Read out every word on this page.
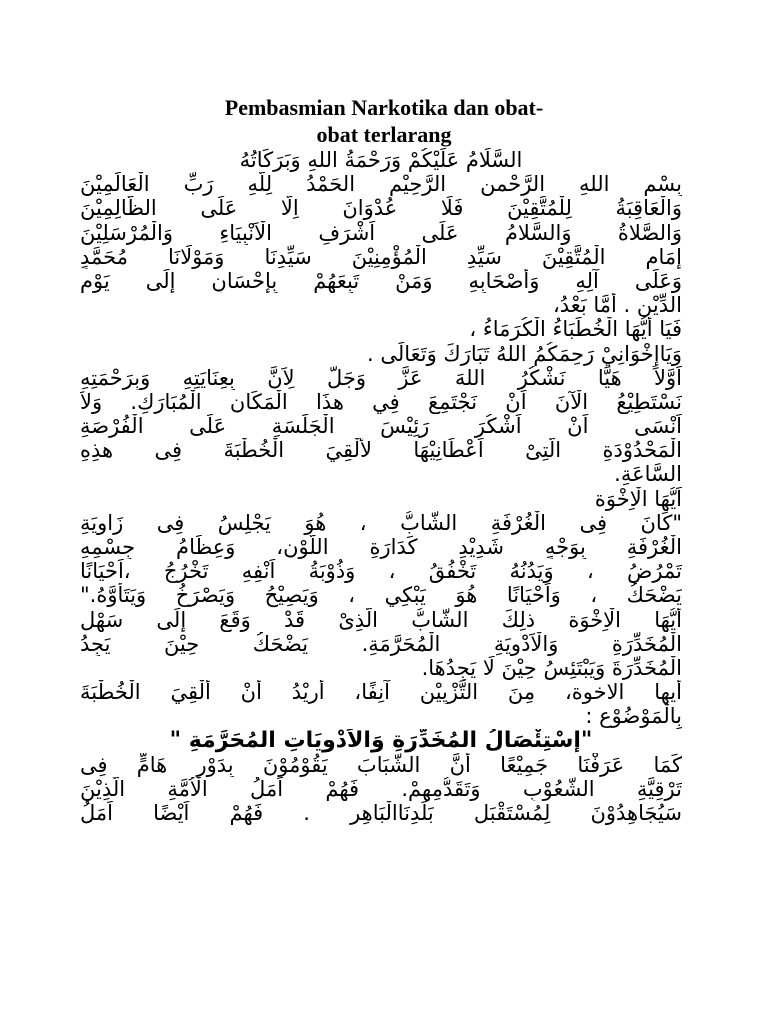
Pembasmian Narkotika dan obat-
obat terlarang
السَّلَامُ عَلَيْكُمْ وَرَحْمَةُ اللهِ وَبَرَكَاتُهُ
بِسْمِ اللهِ الرَّحْمنِ الرَّحِيْمِ الحَمْدُ لِلّهِ رَبِّ الْعَالَمِيْنَ
وَالْعَاقِبَةُ لِلْمُتَّقِيْنَ فَلَا عُدْوَانَ اِلَّا عَلَى الظَّالِمِيْنَ
وَالصَّلاةُ وَالسَّلامُ عَلَى اَشْرَفِ الْاَنْبِيَاءِ وَالْمُرْسَلِيْنَ
إِمَامِ الْمُتَّقِيْنَ سَيِّدِ الْمُؤْمِنِيْنَ سَيِّدِنَا وَمَوْلَانَا مُحَمَّدٍ
وَعَلَى آلِهِ وَأَصْحَابِهِ وَمَنْ تَبِعَهُمْ بِإِحْسَانٍ إِلَى يَوْمِ
الدِّيْنِ . أَمَّا بَعْدُ،
فَيَا أَيُّهَا الْخُطَبَاءُ الْكُرَمَاءُ ،
وَيَاإِخْوَانِيْ رَحِمَكُمُ اللهُ تَبَارَكَ وَتَعَالَى .
اَوَّلاً هَيَّا نَشْكُرُ اللهَ عَزَّ وَجَلَّ لِاَنَّ بِعِنَايَتِهِ وَبِرَحْمَتِهِ
نَسْتَطِيْعُ الْآنَ اَنْ نَجْتَمِعَ فِي هذَا الْمَكَانِ الْمُبَارَكِ. وَلاَ
اَنْسَى اَنْ اَشْكُرَ رَئِيْسَ الْجَلَسَةِ عَلَى الْفُرْصَةِ
الْمَحْدُوْدَةِ الَّتِىْ اَعْطَانِيْهَا لأَلْقِيَ الْخُطْبَةَ فِى هذِهِ
السَّاعَةِ.
اَيُّهَا الْاِخْوَة
"كَانَ فِى الْغُرْفَةِ الشَّابُّ ، هُوَ يَجْلِسُ فِى زَاوِيَةِ
الْغُرْفَةِ بِوَجْهٍ شَدِيْدِ كَدَارَةِ اللَّوْنِ، وَعِظَامُ جِسْمِهِ
تَمْرُضُ ، وَيَدُنُهُ تَخْفُقُ ، وَذُوْبَةُ اَنْفِهِ تَخْرُجُ ،اَحْيَانًا
يَضْحَكُ ، وَاَحْيَانًا هُوَ يَبْكِي ، وَيَصِيْحُ وَيَصْرَخُ وَيَتَأَوَّهُ."
أَيُّهَا الْاِخْوَة ذلِكَ الشَّابُّ الَّذِىْ قَدْ وَقَعَ إِلَى سَهْلِ
الْمُخَدِّرَةِ وَالْاَدْوِيَةِ الْمُحَرَّمَةِ. يَضْحَكُ حِيْنَ يَجِدُ
الْمُخَدِّرَةَ وَيَبْتَئِسُ حِيْنَ لَا يَجِدُهَا.
أيها الاخوة، مِنَ التَّزْيِيْنِ آنِفًا، أُرِيْدُ أَنْ أُلْقِيَ الْخُطْبَةَ
بِالْمَوْضُوْعِ :
"إِسْتِئْصَالُ الْمُخَدِّرَةِ وَالْاَدْوِيَاتِ الْمُحَرَّمَةِ "
كَمَا عَرَفْنَا جَمِيْعًا أَنَّ الشَّبَابَ يَقُوْمُوْنَ بِدَوْرٍ هَامٍّ فِى
تَرْقِيَّةِ الشُّعُوْبِ وَتَقَدُّمِهِمْ. فَهُمْ اَمَلُ الْاُمَّةِ الَّذِيْنَ
سَيُجَاهِدُوْنَ لِمُسْتَقْبَلِ بَلَدِنَاالْبَاهِرِ . فَهُمْ اَيْضًا اَمَلُ
